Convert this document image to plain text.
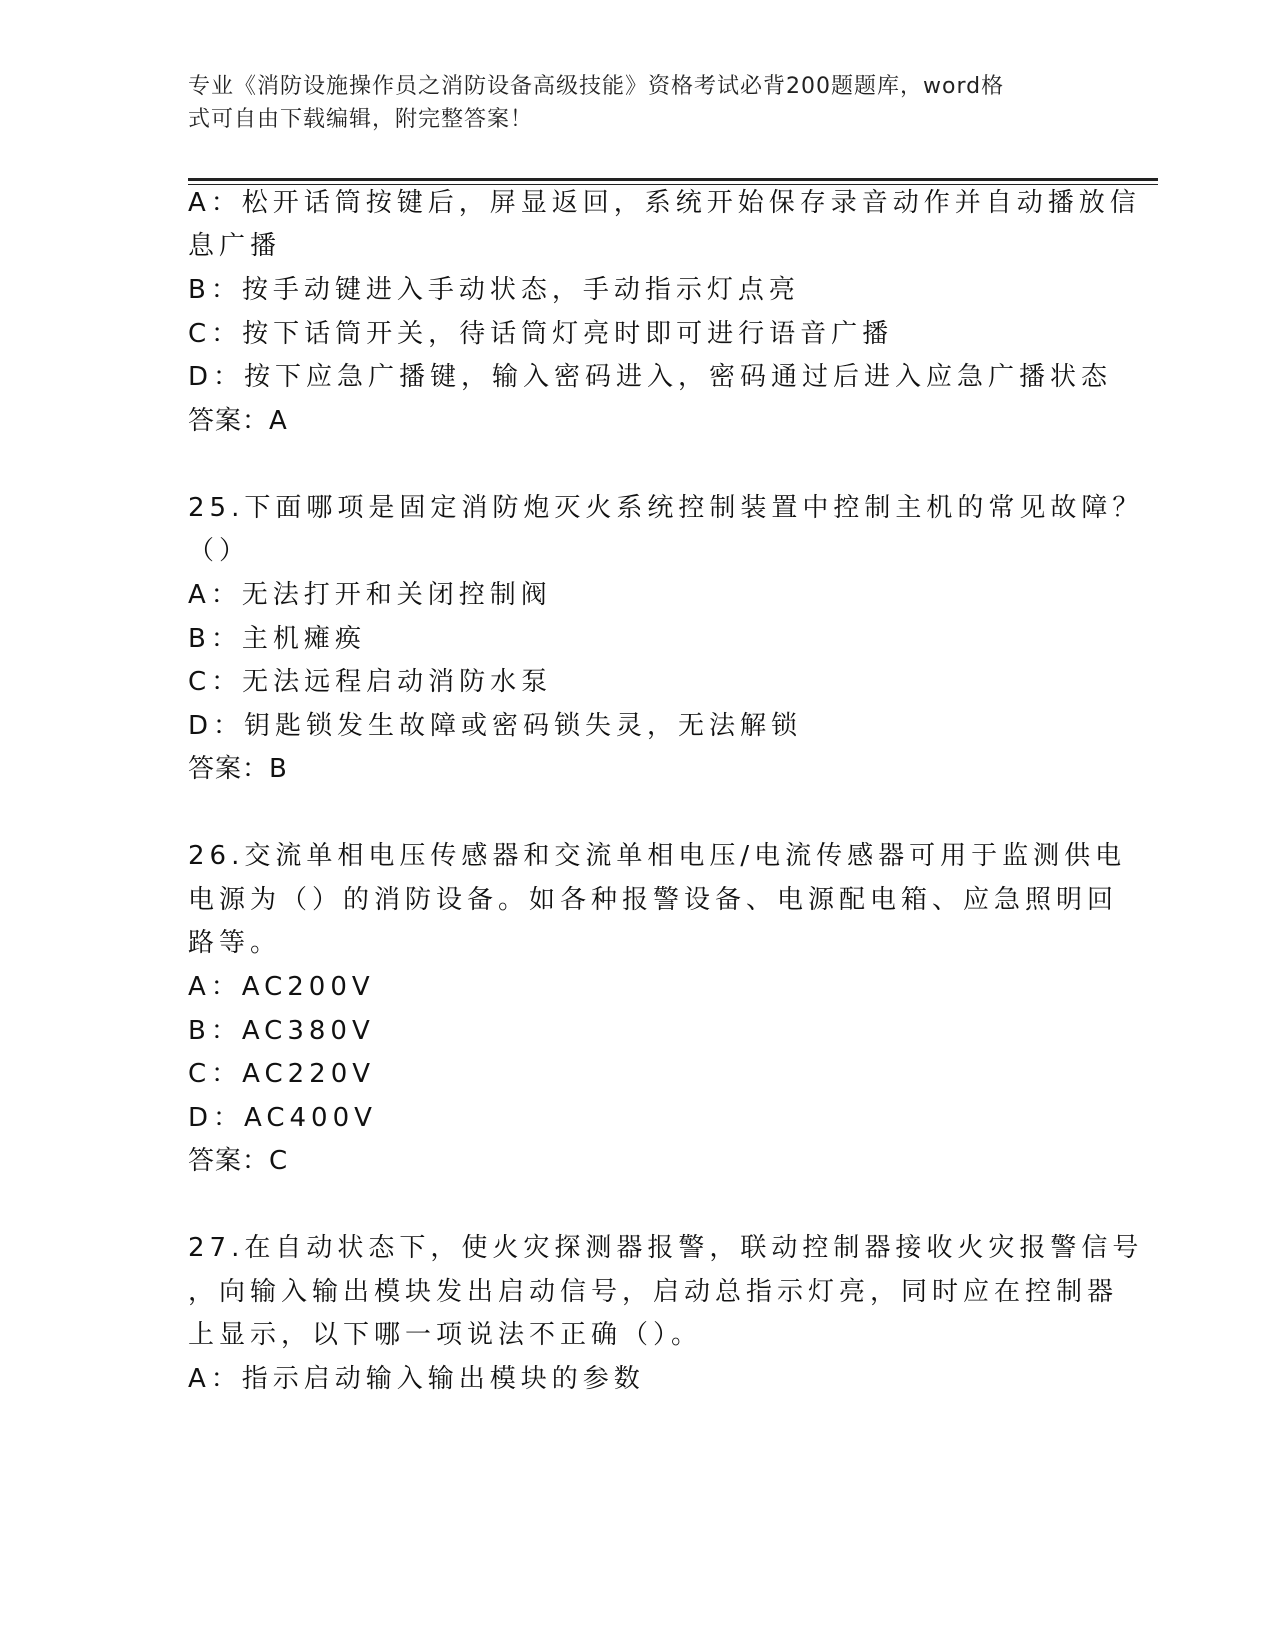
专业《消防设施操作员之消防设备高级技能》资格考试必背200题题库，word格
式可自由下载编辑，附完整答案！
A：松开话筒按键后，屏显返回，系统开始保存录音动作并自动播放信
息广播
B：按手动键进入手动状态，手动指示灯点亮
C：按下话筒开关，待话筒灯亮时即可进行语音广播
D：按下应急广播键，输入密码进入，密码通过后进入应急广播状态
答案：A
25.下面哪项是固定消防炮灭火系统控制装置中控制主机的常见故障？
（）
A：无法打开和关闭控制阀
B：主机瘫痪
C：无法远程启动消防水泵
D：钥匙锁发生故障或密码锁失灵，无法解锁
答案：B
26.交流单相电压传感器和交流单相电压/电流传感器可用于监测供电
电源为（）的消防设备。如各种报警设备、电源配电箱、应急照明回
路等。
A：AC200V
B：AC380V
C：AC220V
D：AC400V
答案：C
27.在自动状态下，使火灾探测器报警，联动控制器接收火灾报警信号
，向输入输出模块发出启动信号，启动总指示灯亮，同时应在控制器
上显示，以下哪一项说法不正确（）。
A：指示启动输入输出模块的参数
